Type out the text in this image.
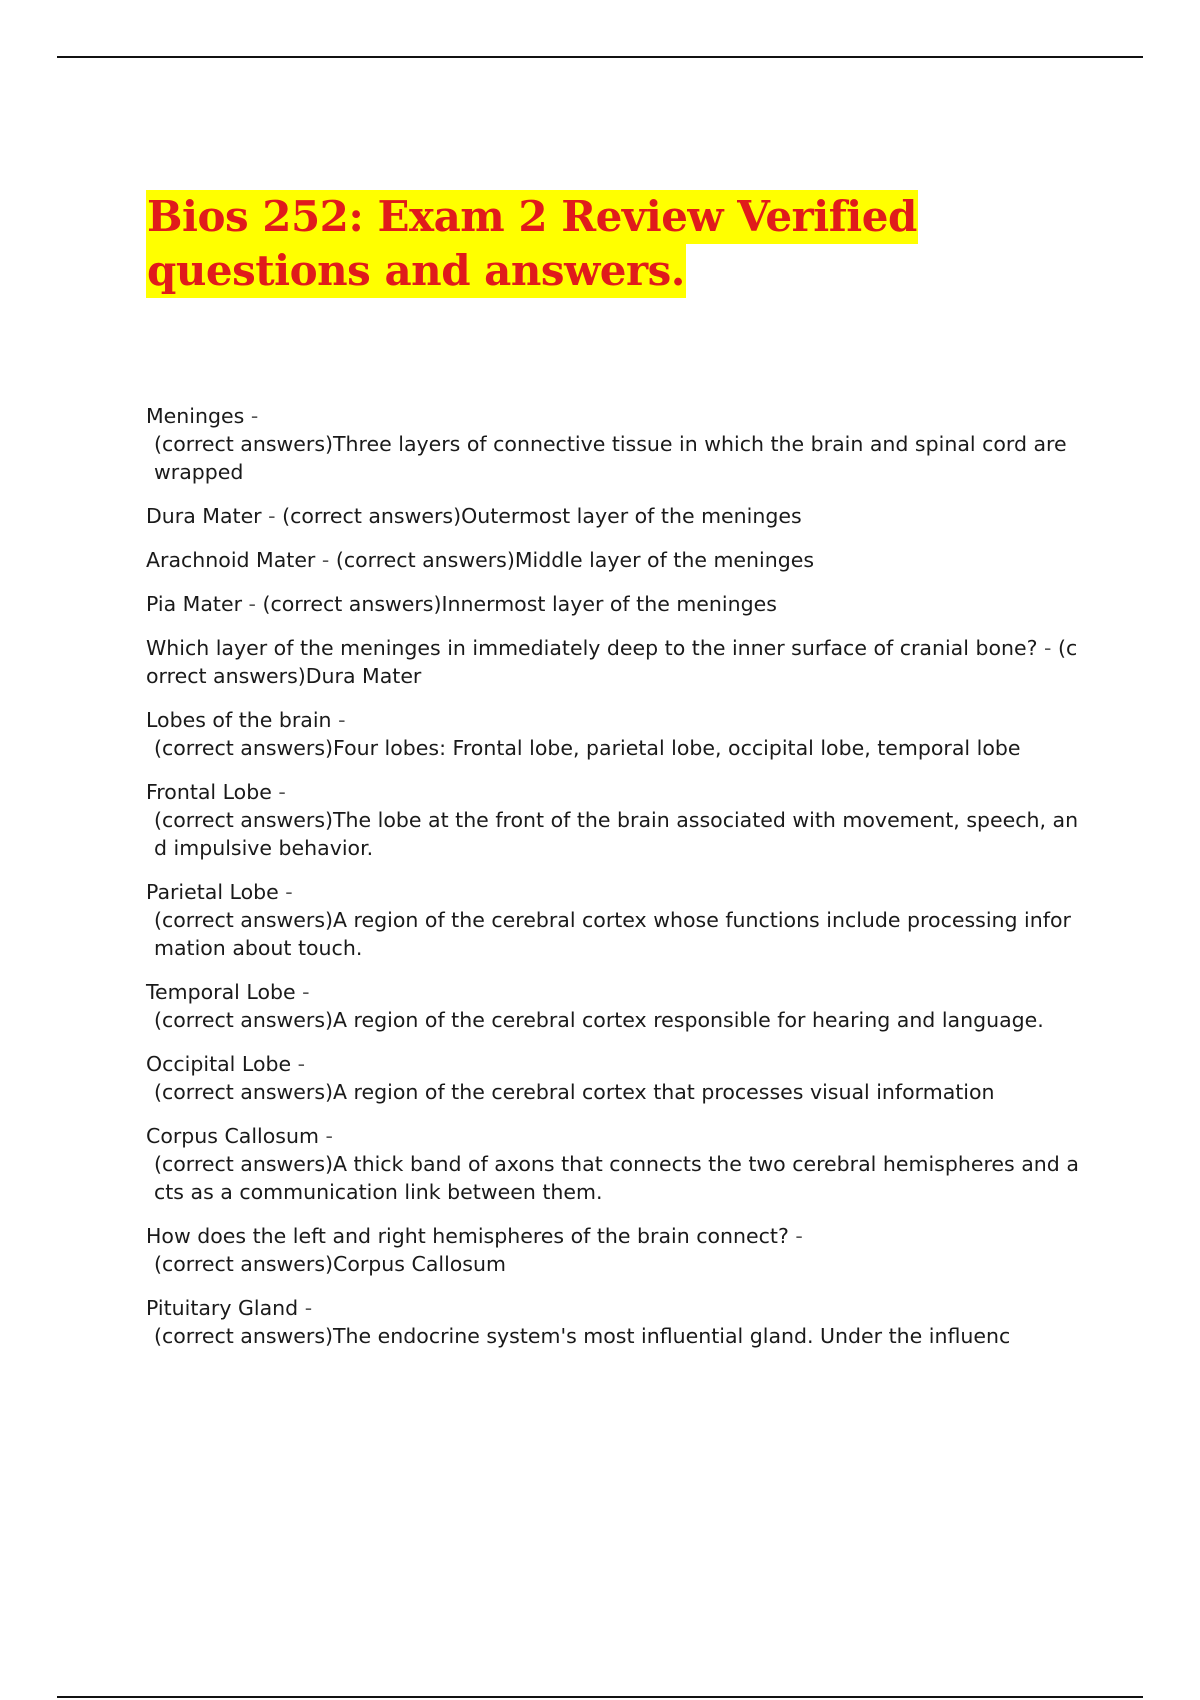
Bios 252: Exam 2 Review Verified
questions and answers.
Meninges -
(correct answers)Three layers of connective tissue in which the brain and spinal cord are wrapped
Dura Mater - (correct answers)Outermost layer of the meninges
Arachnoid Mater - (correct answers)Middle layer of the meninges
Pia Mater - (correct answers)Innermost layer of the meninges
Which layer of the meninges in immediately deep to the inner surface of cranial bone? - (correct answers)Dura Mater
Lobes of the brain -
(correct answers)Four lobes: Frontal lobe, parietal lobe, occipital lobe, temporal lobe
Frontal Lobe -
(correct answers)The lobe at the front of the brain associated with movement, speech, and impulsive behavior.
Parietal Lobe -
(correct answers)A region of the cerebral cortex whose functions include processing information about touch.
Temporal Lobe -
(correct answers)A region of the cerebral cortex responsible for hearing and language.
Occipital Lobe -
(correct answers)A region of the cerebral cortex that processes visual information
Corpus Callosum -
(correct answers)A thick band of axons that connects the two cerebral hemispheres and acts as a communication link between them.
How does the left and right hemispheres of the brain connect? -
(correct answers)Corpus Callosum
Pituitary Gland -
(correct answers)The endocrine system's most influential gland. Under the influenc
